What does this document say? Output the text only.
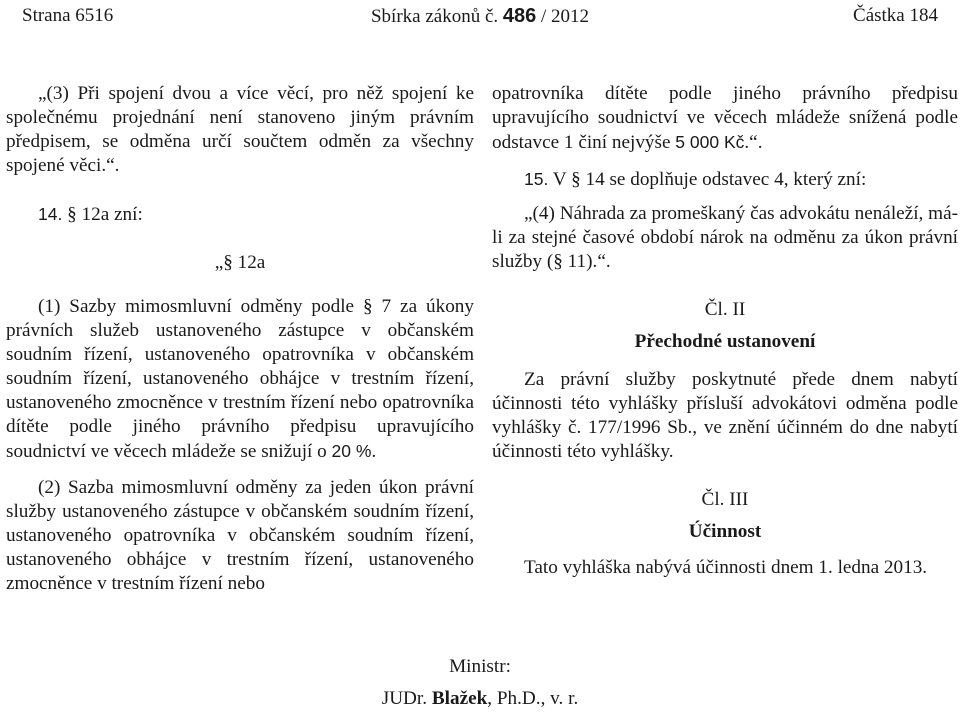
Strana 6516	Sbírka zákonů č. 486 / 2012	Částka 184

„(3) Při spojení dvou a více věcí, pro něž spojení ke společnému projednání není stanoveno jiným právním předpisem, se odměna určí součtem odměn za všechny spojené věci.“.

14. § 12a zní:

„§ 12a

(1) Sazby mimosmluvní odměny podle § 7 za úkony právních služeb ustanoveného zástupce v občanském soudním řízení, ustanoveného opatrovníka v občanském soudním řízení, ustanoveného obhájce v trestním řízení, ustanoveného zmocněnce v trestním řízení nebo opatrovníka dítěte podle jiného právního předpisu upravujícího soudnictví ve věcech mládeže se snižují o 20 %.

(2) Sazba mimosmluvní odměny za jeden úkon právní služby ustanoveného zástupce v občanském soudním řízení, ustanoveného opatrovníka v občanském soudním řízení, ustanoveného obhájce v trestním řízení, ustanoveného zmocněnce v trestním řízení nebo

opatrovníka dítěte podle jiného právního předpisu upravujícího soudnictví ve věcech mládeže snížená podle odstavce 1 činí nejvýše 5 000 Kč.“.

15. V § 14 se doplňuje odstavec 4, který zní:

„(4) Náhrada za promeškaný čas advokátu nenáleží, má-li za stejné časové období nárok na odměnu za úkon právní služby (§ 11).“.

Čl. II

Přechodné ustanovení

Za právní služby poskytnuté přede dnem nabytí účinnosti této vyhlášky přísluší advokátovi odměna podle vyhlášky č. 177/1996 Sb., ve znění účinném do dne nabytí účinnosti této vyhlášky.

Čl. III

Účinnost

Tato vyhláška nabývá účinnosti dnem 1. ledna 2013.

Ministr:
JUDr. Blažek, Ph.D., v. r.
